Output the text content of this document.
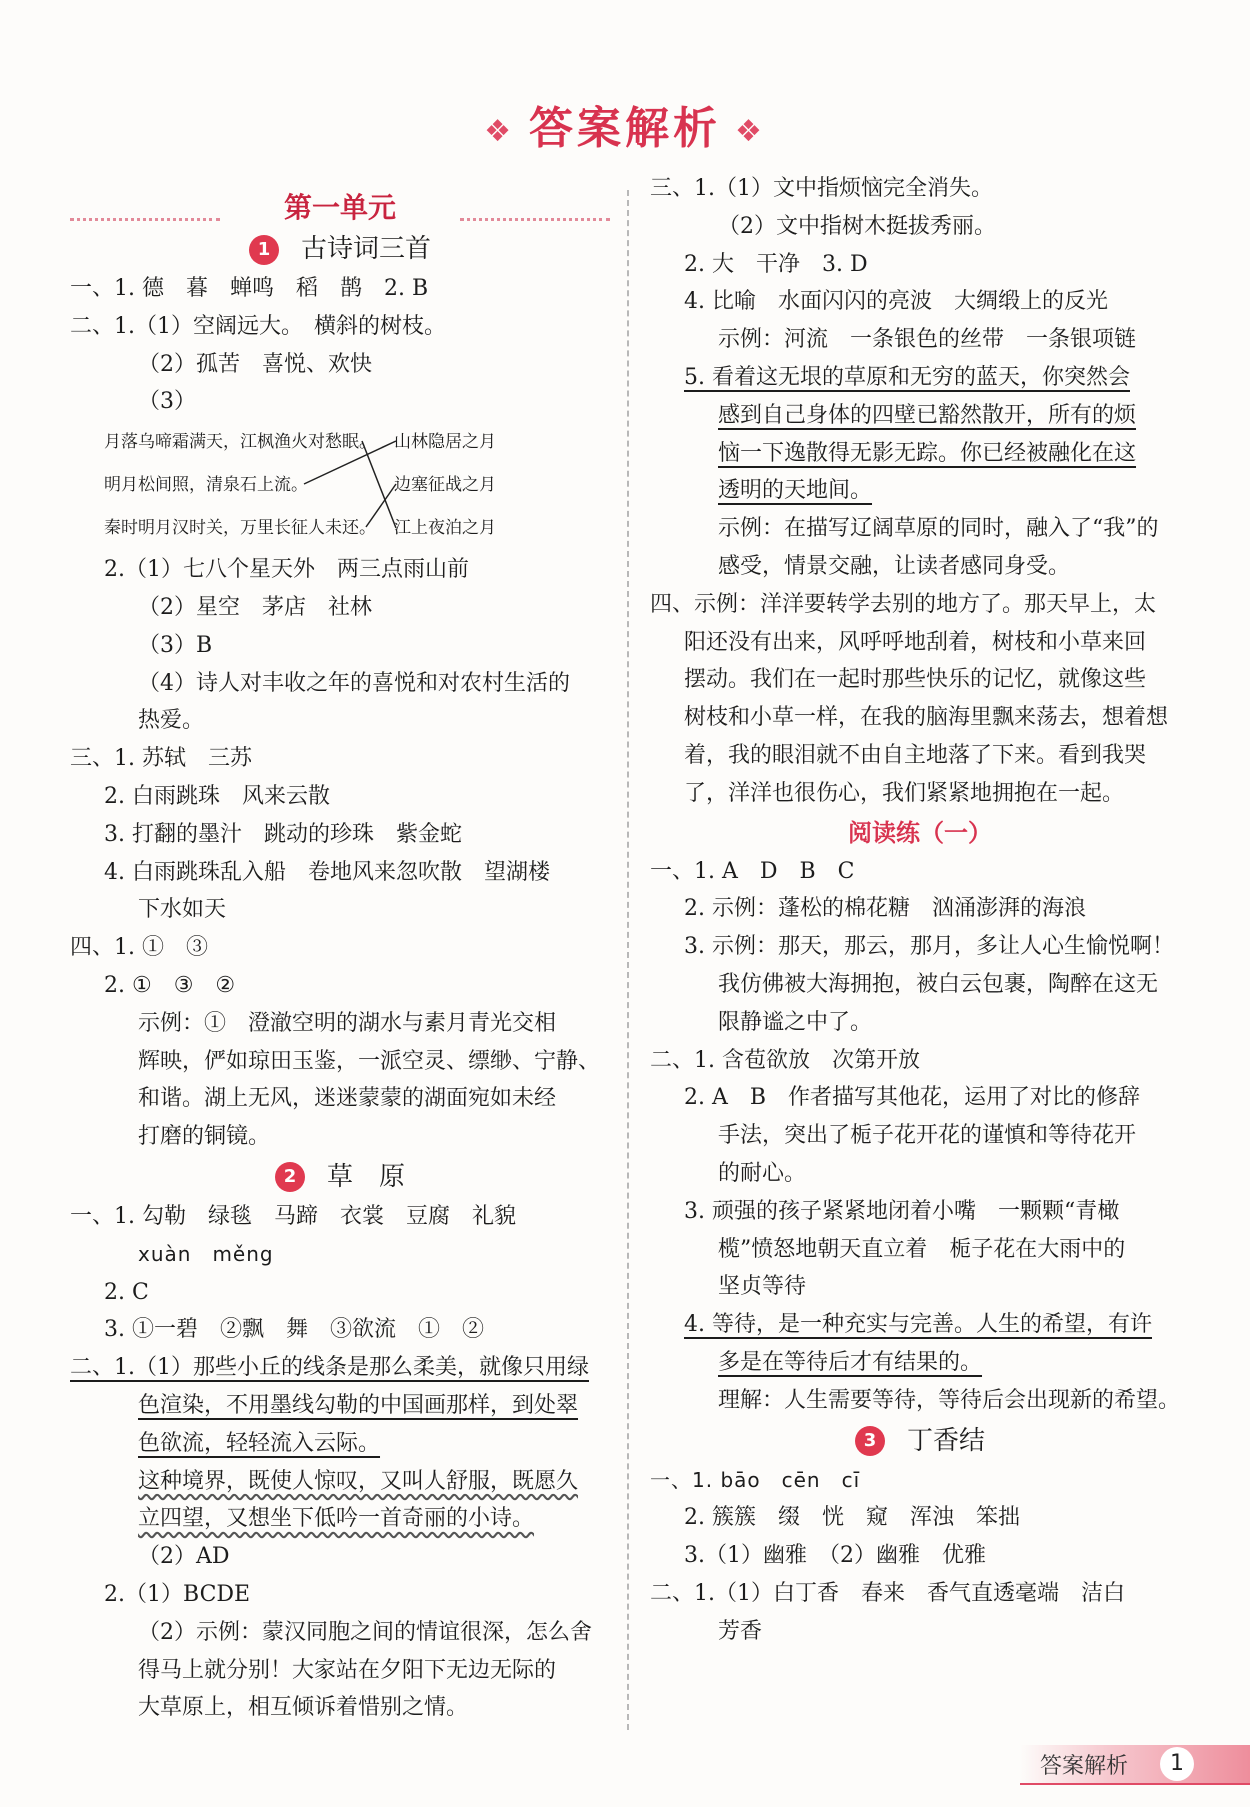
❖ 答案解析 ❖
第一单元
1 古诗词三首

一、1. 德　暮　蝉鸣　稻　鹊　2. B

二、1.（1）空阔远大。　横斜的树枝。

（2）孤苦　喜悦、欢快

（3）

月落乌啼霜满天，江枫渔火对愁眠。
明月松间照，清泉石上流。
秦时明月汉时关，万里长征人未还。
山林隐居之月
边塞征战之月
江上夜泊之月

2.（1）七八个星天外　两三点雨山前

（2）星空　茅店　社林

（3）B

（4）诗人对丰收之年的喜悦和对农村生活的

热爱。

三、1. 苏轼　三苏

2. 白雨跳珠　风来云散

3. 打翻的墨汁　跳动的珍珠　紫金蛇

4. 白雨跳珠乱入船　卷地风来忽吹散　望湖楼

下水如天

四、1. ①　③

2. ①　③　②

示例：①　澄澈空明的湖水与素月青光交相

辉映，俨如琼田玉鉴，一派空灵、缥缈、宁静、

和谐。湖上无风，迷迷蒙蒙的湖面宛如未经

打磨的铜镜。

2 草　原

一、1. 勾勒　绿毯　马蹄　衣裳　豆腐　礼貌

xuàn　měng

2. C

3. ①一碧　②飘　舞　③欲流　①　②

二、1.（1）那些小丘的线条是那么柔美，就像只用绿

色渲染，不用墨线勾勒的中国画那样，到处翠

色欲流，轻轻流入云际。

这种境界，既使人惊叹，又叫人舒服，既愿久

立四望，又想坐下低吟一首奇丽的小诗。

（2）AD

2.（1）BCDE

（2）示例：蒙汉同胞之间的情谊很深，怎么舍

得马上就分别！大家站在夕阳下无边无际的

大草原上，相互倾诉着惜别之情。

三、1.（1）文中指烦恼完全消失。

（2）文中指树木挺拔秀丽。

2. 大　干净　3. D

4. 比喻　水面闪闪的亮波　大绸缎上的反光

示例：河流　一条银色的丝带　一条银项链

5. 看着这无垠的草原和无穷的蓝天，你突然会

感到自己身体的四壁已豁然散开，所有的烦

恼一下逸散得无影无踪。你已经被融化在这

透明的天地间。

示例：在描写辽阔草原的同时，融入了“我”的

感受，情景交融，让读者感同身受。

四、示例：洋洋要转学去别的地方了。那天早上，太

阳还没有出来，风呼呼地刮着，树枝和小草来回

摆动。我们在一起时那些快乐的记忆，就像这些

树枝和小草一样，在我的脑海里飘来荡去，想着想

着，我的眼泪就不由自主地落了下来。看到我哭

了，洋洋也很伤心，我们紧紧地拥抱在一起。

阅读练（一）

一、1. A　D　B　C

2. 示例：蓬松的棉花糖　汹涌澎湃的海浪

3. 示例：那天，那云，那月，多让人心生愉悦啊！

我仿佛被大海拥抱，被白云包裹，陶醉在这无

限静谧之中了。

二、1. 含苞欲放　次第开放

2. A　B　作者描写其他花，运用了对比的修辞

手法，突出了栀子花开花的谨慎和等待花开

的耐心。

3. 顽强的孩子紧紧地闭着小嘴　一颗颗“青橄

榄”愤怒地朝天直立着　栀子花在大雨中的

坚贞等待

4. 等待，是一种充实与完善。人生的希望，有许

多是在等待后才有结果的。

理解：人生需要等待，等待后会出现新的希望。

3 丁香结

一、1. bāo　cēn　cī

2. 簇簇　缀　恍　窥　浑浊　笨拙

3.（1）幽雅　（2）幽雅　优雅

二、1.（1）白丁香　春来　香气直透毫端　洁白

芳香

答案解析	1
